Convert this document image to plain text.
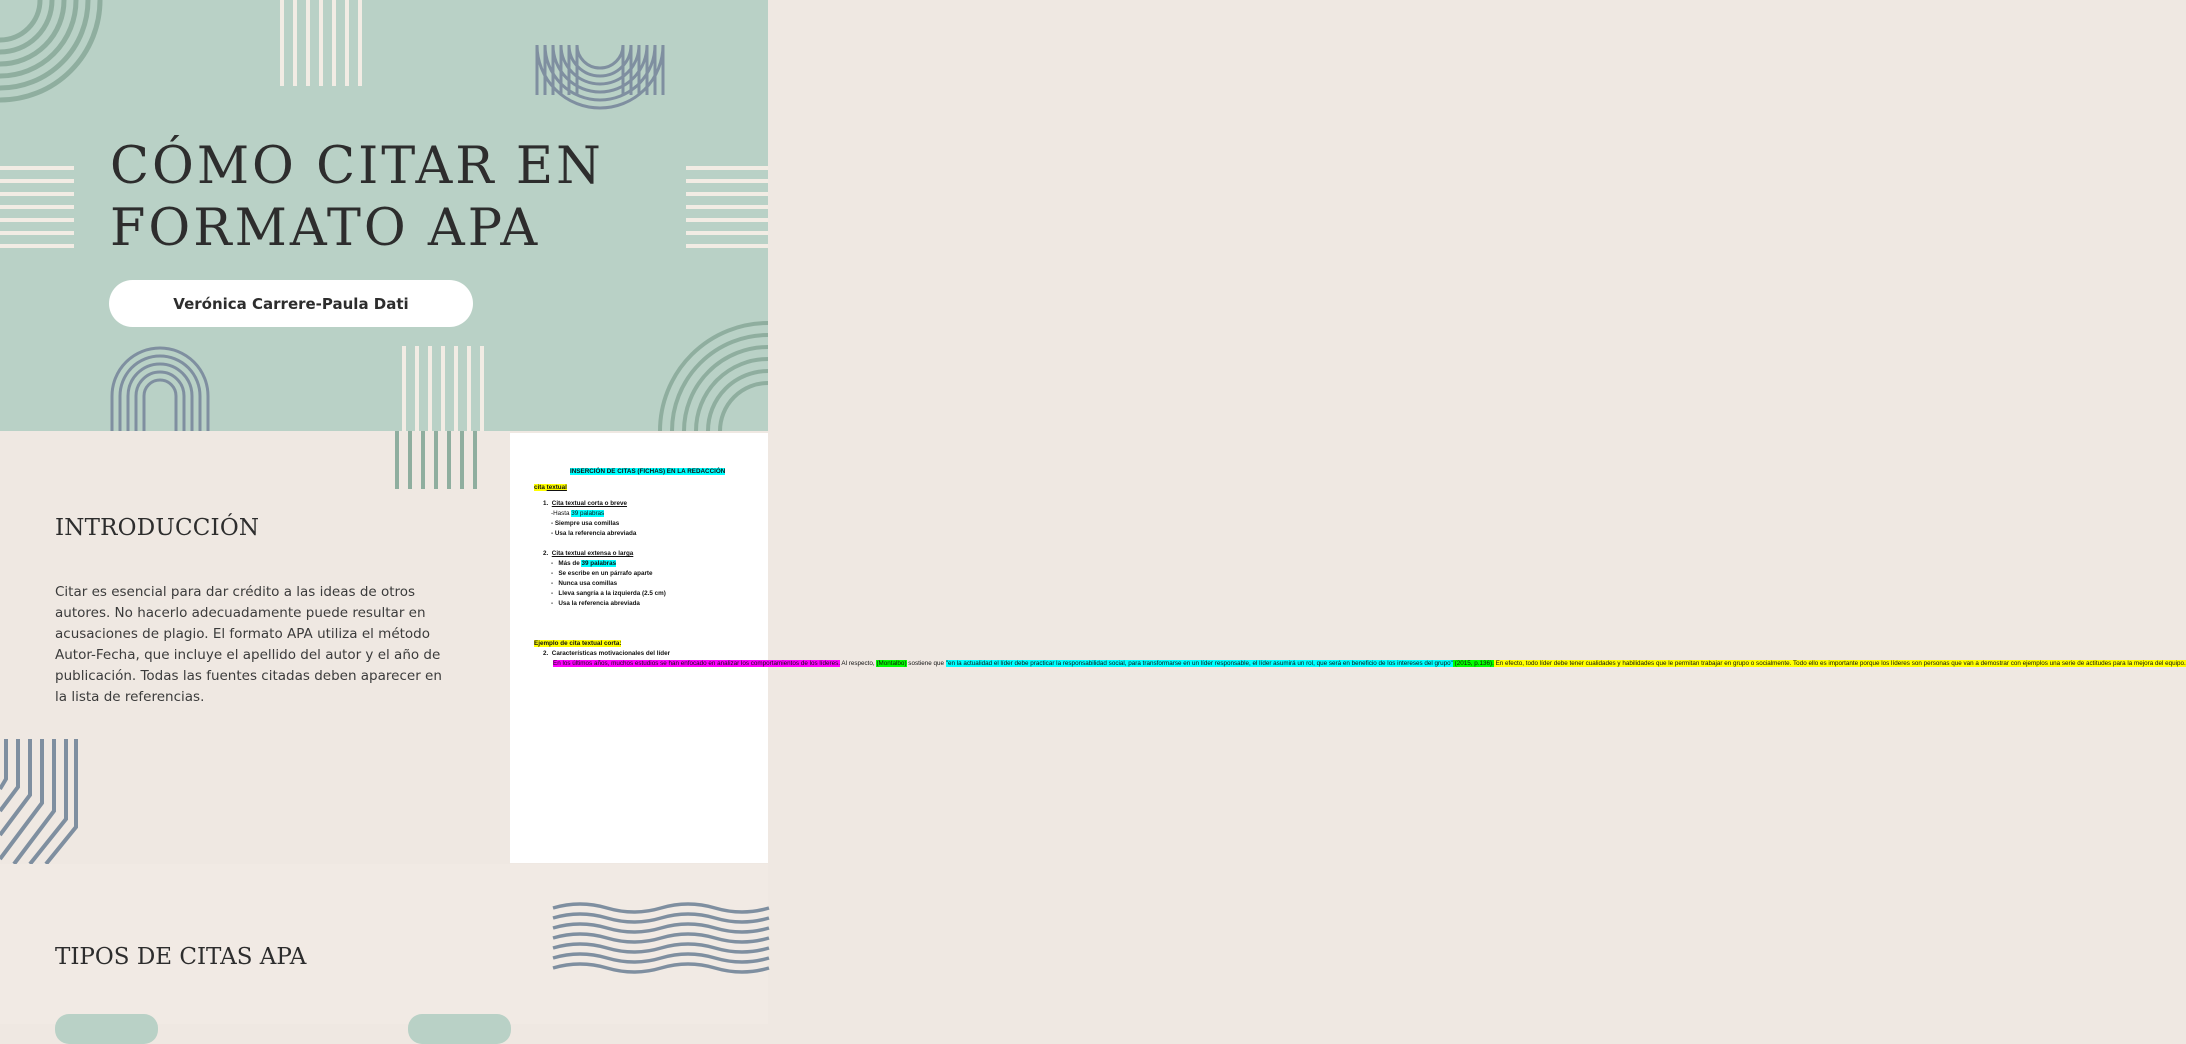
CÓMO CITAR EN
FORMATO APA
Verónica Carrere-Paula Dati
INTRODUCCIÓN

Citar es esencial para dar crédito a las ideas de otros autores. No hacerlo adecuadamente puede resultar en acusaciones de plagio. El formato APA utiliza el método Autor-Fecha, que incluye el apellido del autor y el año de publicación. Todas las fuentes citadas deben aparecer en la lista de referencias.

INSERCIÓN DE CITAS (FICHAS) EN LA REDACCIÓN
cita textual
1. Cita textual corta o breve
-Hasta 39 palabras
- Siempre usa comillas
- Usa la referencia abreviada
2. Cita textual extensa o larga
-   Más de 39 palabras
-   Se escribe en un párrafo aparte
-   Nunca usa comillas
-   Lleva sangría a la izquierda (2.5 cm)
-   Usa la referencia abreviada
Ejemplo de cita textual corta:
2. Características motivacionales del líder
En los últimos años, muchos estudios se han enfocado en analizar los comportamientos de los líderes. Al respecto, (Montalbo) sostiene que "en la actualidad el líder debe practicar la responsabilidad social, para transformarse en un líder responsable, el líder asumirá un rol, que será en beneficio de los intereses del grupo" (2015, p.136). En efecto, todo líder debe tener cualidades y habilidades que le permitan trabajar en grupo o socialmente. Todo ello es importante porque los líderes son personas que van a demostrar con ejemplos una serie de actitudes para la mejora del equipo.
TIPOS DE CITAS APA
